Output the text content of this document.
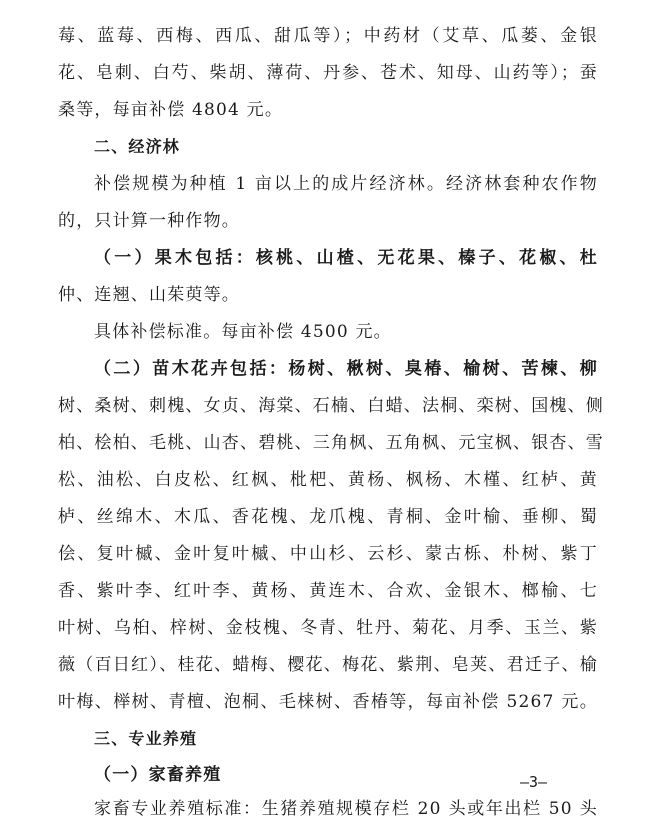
莓、蓝莓、西梅、西瓜、甜瓜等）；中药材（艾草、瓜蒌、金银
花、皂刺、白芍、柴胡、薄荷、丹参、苍术、知母、山药等）；蚕
桑等，每亩补偿 4804 元。
二、经济林
补偿规模为种植 1 亩以上的成片经济林。经济林套种农作物
的，只计算一种作物。
（一）果木包括：核桃、山楂、无花果、榛子、花椒、杜
仲、连翘、山茱萸等。
具体补偿标准。每亩补偿 4500 元。
（二）苗木花卉包括：杨树、楸树、臭椿、榆树、苦楝、柳
树、桑树、刺槐、女贞、海棠、石楠、白蜡、法桐、栾树、国槐、侧
柏、桧柏、毛桃、山杏、碧桃、三角枫、五角枫、元宝枫、银杏、雪
松、油松、白皮松、红枫、枇杷、黄杨、枫杨、木槿、红栌、黄
栌、丝绵木、木瓜、香花槐、龙爪槐、青桐、金叶榆、垂柳、蜀
侩、复叶槭、金叶复叶槭、中山杉、云杉、蒙古栎、朴树、紫丁
香、紫叶李、红叶李、黄杨、黄连木、合欢、金银木、榔榆、七
叶树、乌桕、梓树、金枝槐、冬青、牡丹、菊花、月季、玉兰、紫
薇（百日红）、桂花、蜡梅、樱花、梅花、紫荆、皂荚、君迁子、榆
叶梅、榉树、青檀、泡桐、毛梾树、香椿等，每亩补偿 5267 元。
三、专业养殖
（一）家畜养殖
家畜专业养殖标准：生猪养殖规模存栏 20 头或年出栏 50 头
—3—
